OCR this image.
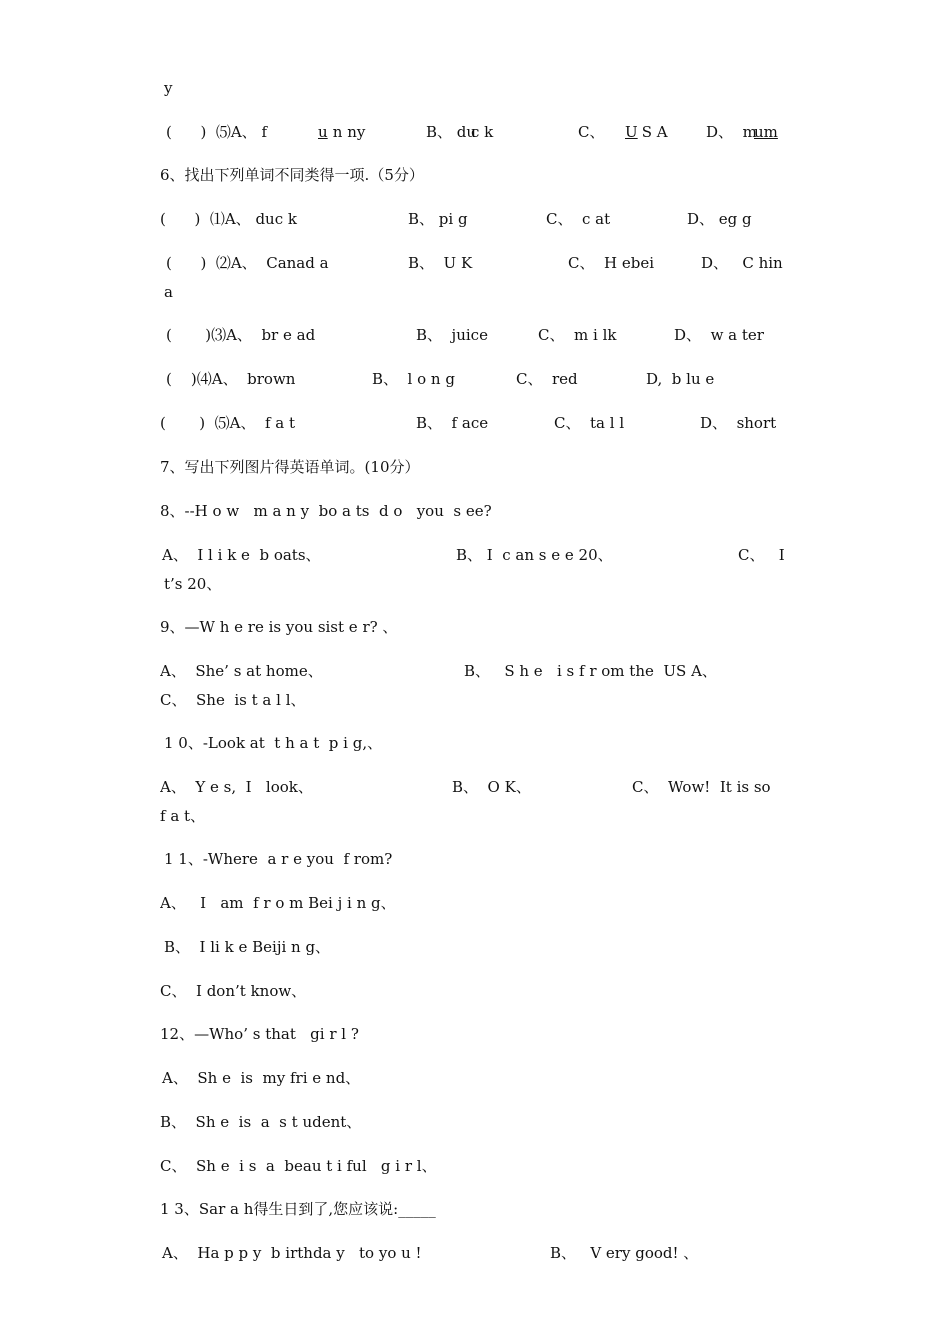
y
(      )  ⑸A、 f	u n ny	B、 du
c k	C、 U S A	D、  m
um
6、找出下列单词不同类得一项.（5分）
(      )  ⑴A、 duc k	B、 pi g	C、  c at	D、 eg g
(      )  ⑵A、  Canad a	B、  U K	C、  H ebei	D、   C hin
a
(       )⑶A、  br e ad	B、  juice	C、  m i lk	D、  w a ter
(    )⑷A、  brown	B、  l o n g	C、  red	D,  b lu e
(       )  ⑸A、  f a t	B、  f ace	C、  ta l l	D、  short
7、写出下列图片得英语单词。(10分）
8、--H o w   m a n y  bo a ts  d o   you  s ee?
A、  I l i k e  b oats、	B、 I  c an s e e 20、	C、   I
t’s 20、
9、—W h e re is you sist e r? 、
A、  She’ s at home、	B、   S h e   i s f r om the  US A、
C、  She  is t a l l、
1 0、-Look at  t h a t  p i g,、
A、  Y e s,  I   look、	B、  O K、	C、  Wow!  It is so
f a t、
1 1、-Where  a r e you  f rom?
A、   I   am  f r o m Bei j i n g、
B、  I li k e Beiji n g、
C、  I don’t know、
12、—Who’ s that   gi r l ?
A、  Sh e  is  my fri e nd、
B、  Sh e  is  a  s t udent、
C、  Sh e  i s  a  beau t i ful   g i r l、
1 3、Sar a h得生日到了,您应该说:_____
A、  Ha p p y  b irthda y   to yo u !	B、   V ery good! 、
